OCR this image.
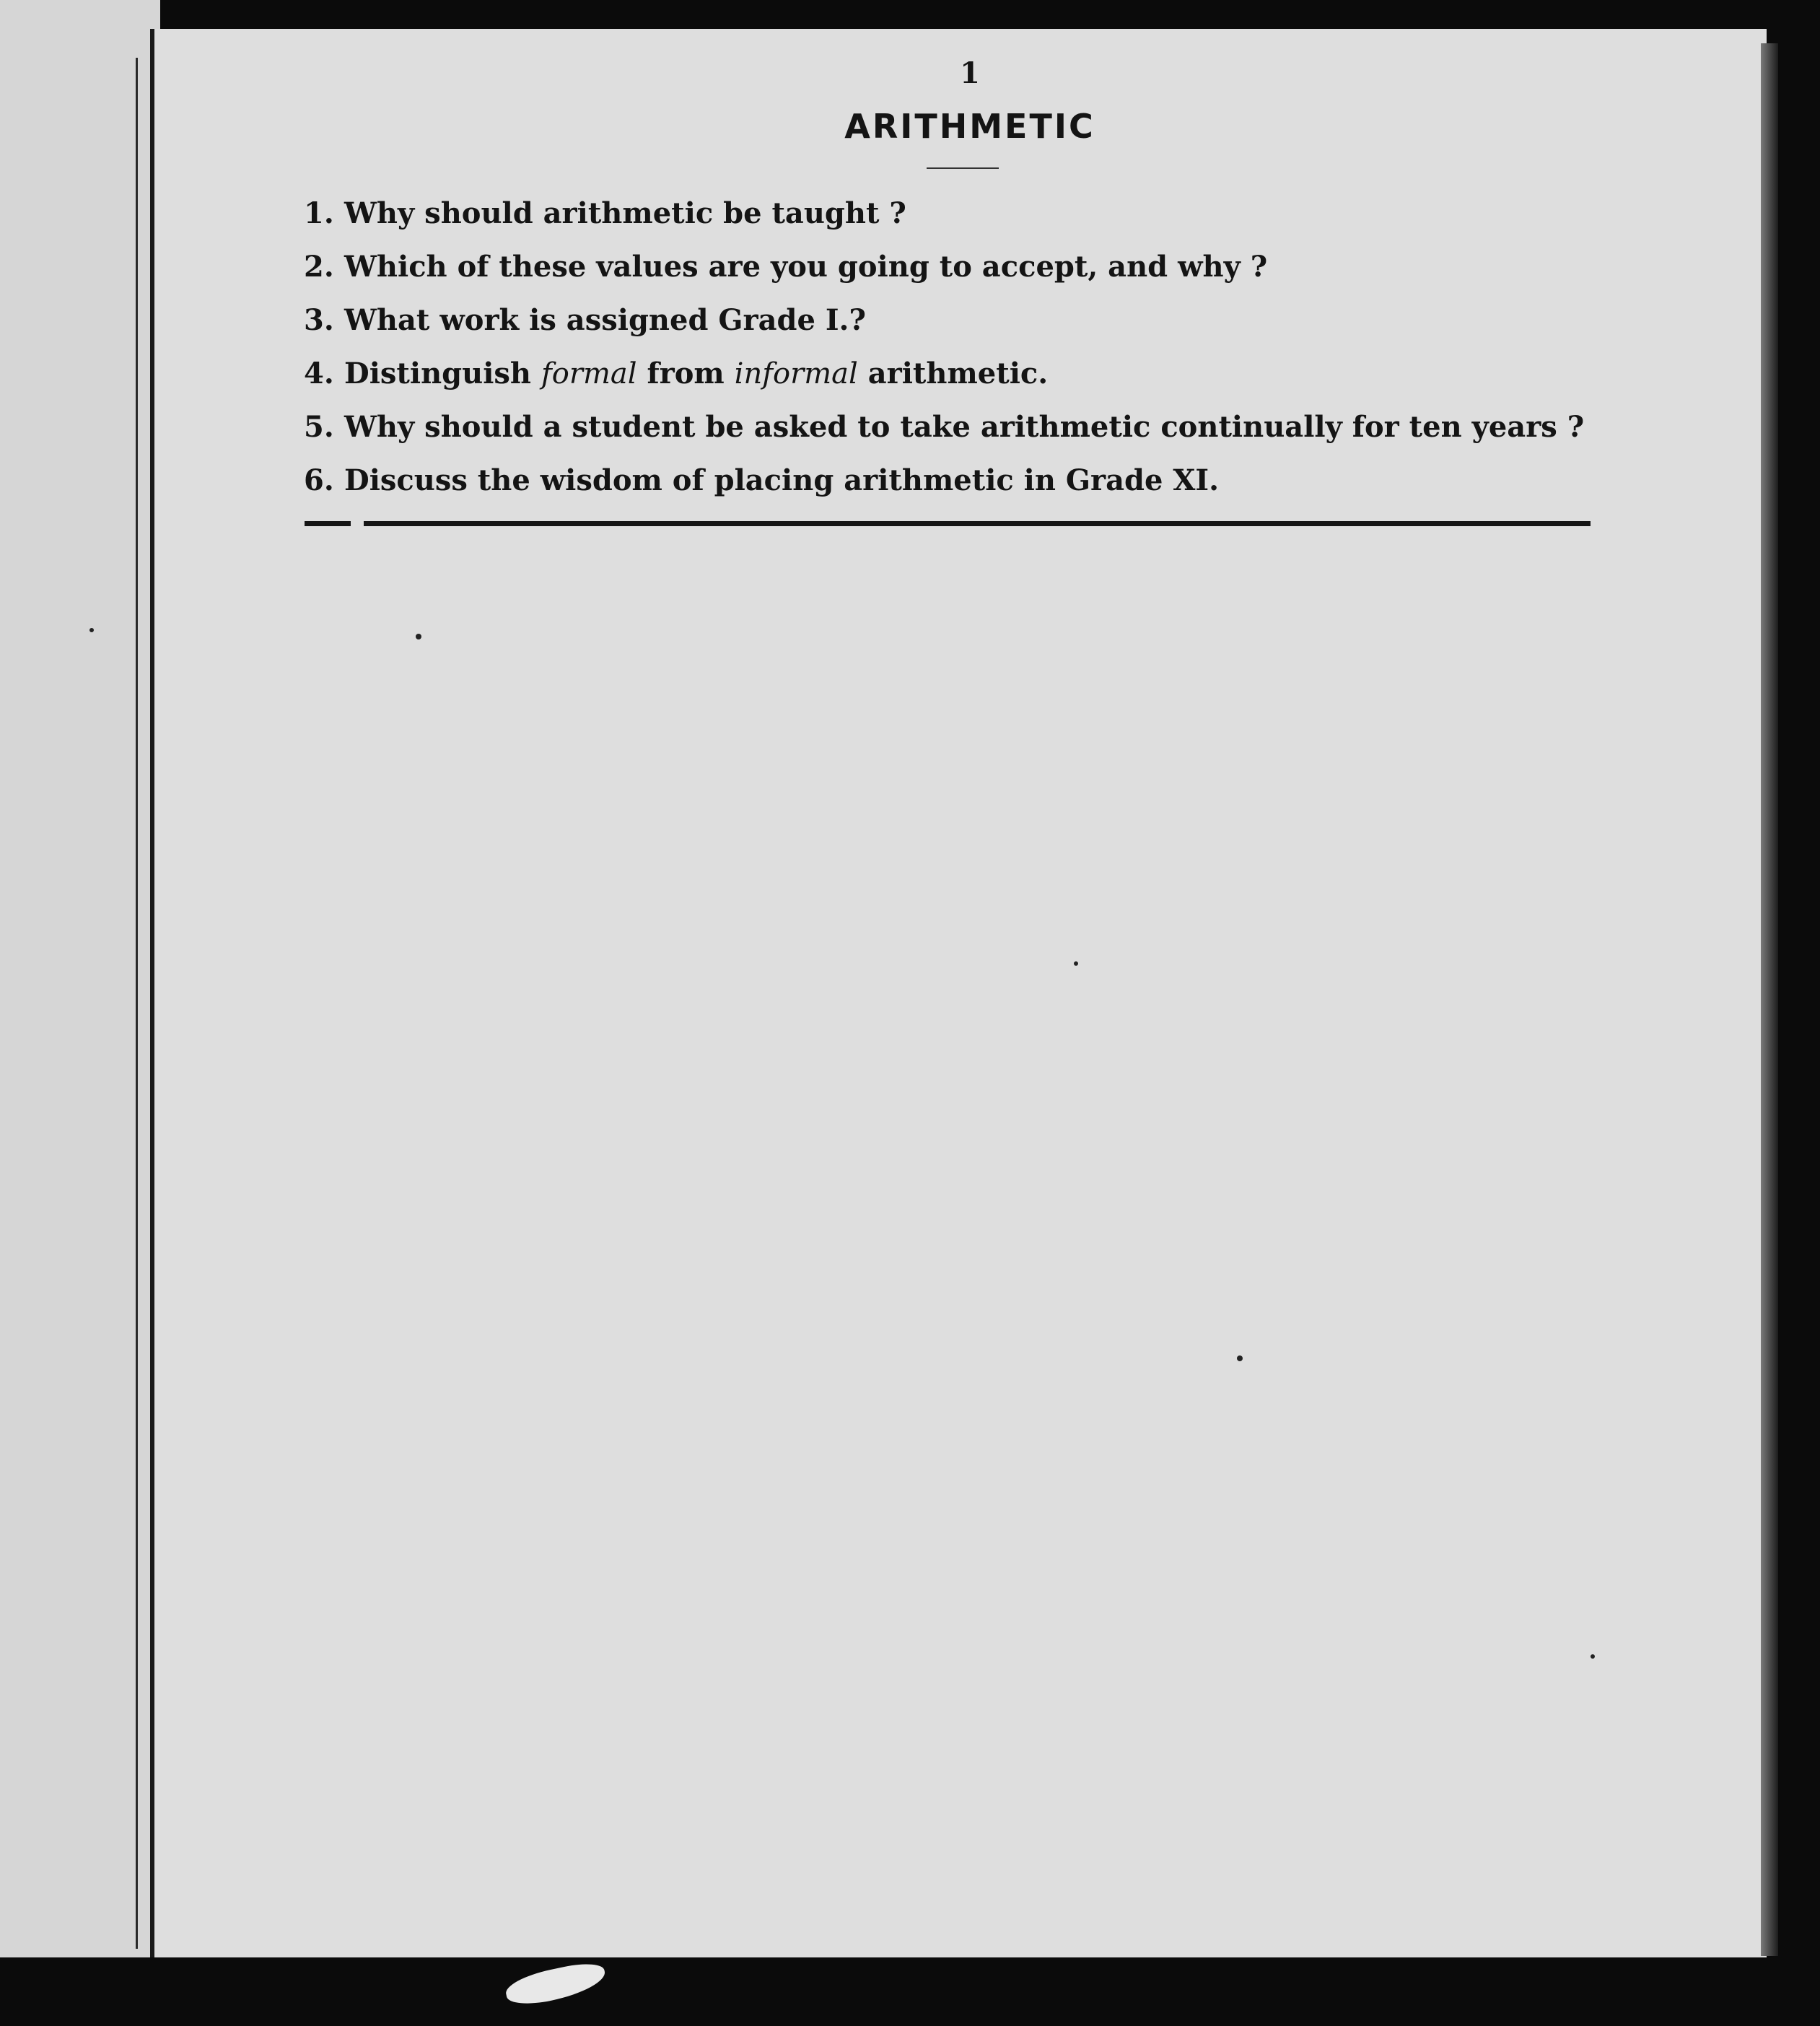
1
ARITHMETIC
1. Why should arithmetic be taught ?
2. Which of these values are you going to accept, and why ?
3. What work is assigned Grade I.?
4. Distinguish formal from informal arithmetic.
5. Why should a student be asked to take arithmetic continually for ten years ?
6. Discuss the wisdom of placing arithmetic in Grade XI.
